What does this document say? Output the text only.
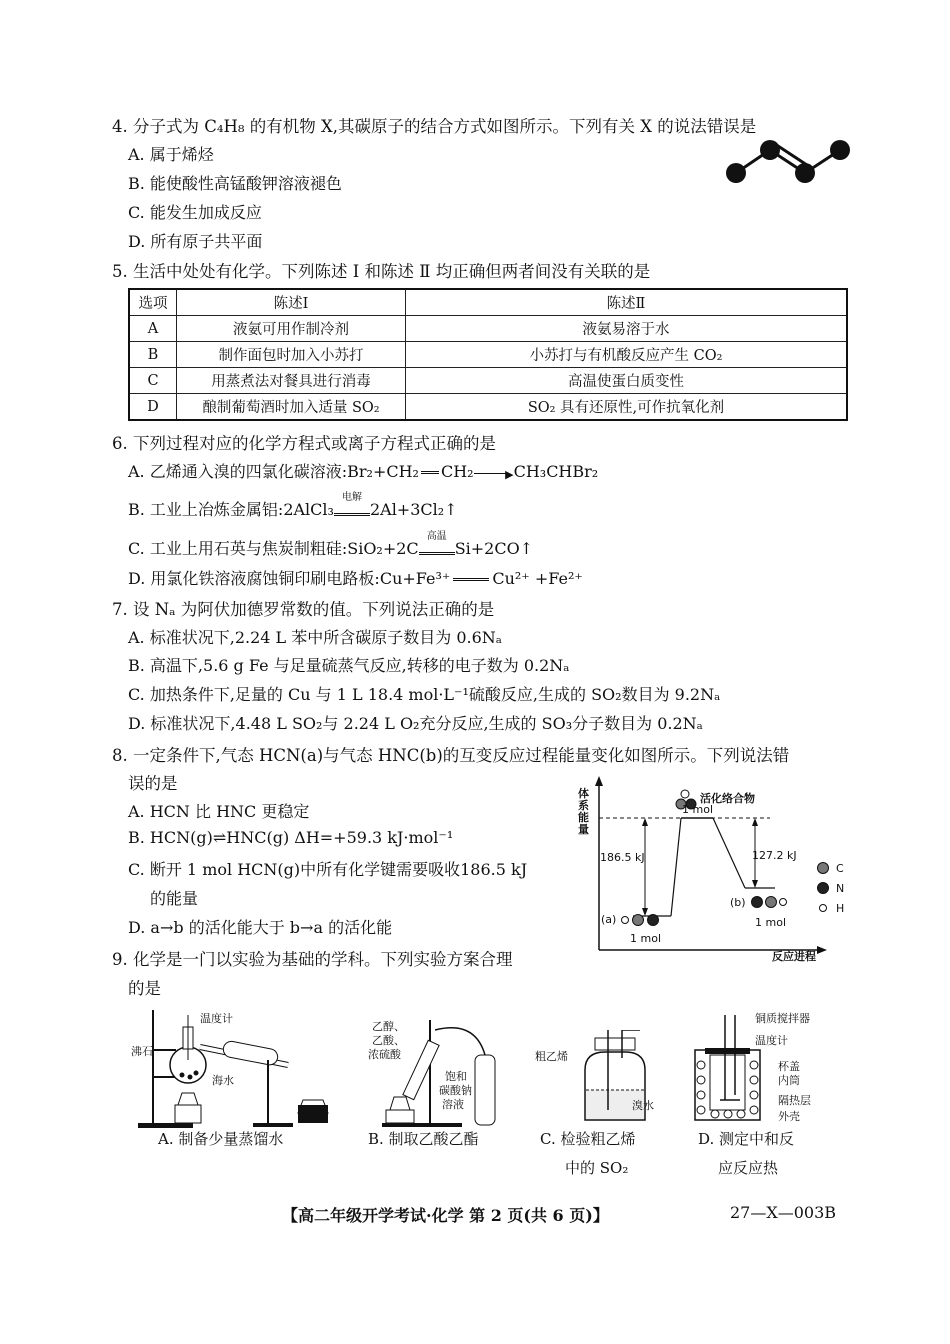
4. 分子式为 C₄H₈ 的有机物 X,其碳原子的结合方式如图所示。下列有关 X 的说法错误是
A. 属于烯烃
B. 能使酸性高锰酸钾溶液褪色
C. 能发生加成反应
D. 所有原子共平面
5. 生活中处处有化学。下列陈述 Ⅰ 和陈述 Ⅱ 均正确但两者间没有关联的是
选项	陈述Ⅰ	陈述Ⅱ
A	液氨可用作制冷剂	液氨易溶于水
B	制作面包时加入小苏打	小苏打与有机酸反应产生 CO₂
C	用蒸煮法对餐具进行消毒	高温使蛋白质变性
D	酿制葡萄酒时加入适量 SO₂	SO₂ 具有还原性,可作抗氧化剂
6. 下列过程对应的化学方程式或离子方程式正确的是
A. 乙烯通入溴的四氯化碳溶液:Br₂+CH₂ CH₂	▶ CH₃CHBr₂
B. 工业上冶炼金属铝:2AlCl₃
电解
2Al+3Cl₂↑
C. 工业上用石英与焦炭制粗硅:SiO₂+2C
高温
Si+2CO↑
D. 用氯化铁溶液腐蚀铜印刷电路板:Cu+Fe³⁺	Cu²⁺ +Fe²⁺
7. 设 Nₐ 为阿伏加德罗常数的值。下列说法正确的是
A. 标准状况下,2.24 L 苯中所含碳原子数目为 0.6Nₐ
B. 高温下,5.6 g Fe 与足量硫蒸气反应,转移的电子数为 0.2Nₐ
C. 加热条件下,足量的 Cu 与 1 L 18.4 mol·L⁻¹硫酸反应,生成的 SO₂数目为 9.2Nₐ
D. 标准状况下,4.48 L SO₂与 2.24 L O₂充分反应,生成的 SO₃分子数目为 0.2Nₐ
8. 一定条件下,气态 HCN(a)与气态 HNC(b)的互变反应过程能量变化如图所示。下列说法错
误的是
A. HCN 比 HNC 更稳定
B. HCN(g)⇌HNC(g) ΔH=+59.3 kJ·mol⁻¹
C. 断开 1 mol HCN(g)中所有化学键需要吸收186.5 kJ
的能量
D. a→b 的活化能大于 b→a 的活化能
体系能量
活化络合物
1 mol
186.5 kJ	127.2 kJ
(a)
1 mol
(b)
1 mol
C
N
H
反应进程
9. 化学是一门以实验为基础的学科。下列实验方案合理
的是
温度计
沸石
海水
A. 制备少量蒸馏水
乙醇、
乙酸、
浓硫酸
饱和
碳酸钠
溶液
B. 制取乙酸乙酯
粗乙烯
溴水
C. 检验粗乙烯
中的 SO₂
铜质搅拌器
温度计
杯盖
内筒
隔热层
外壳
D. 测定中和反
应反应热
【高二年级开学考试·化学 第 2 页(共 6 页)】	27—X—003B
